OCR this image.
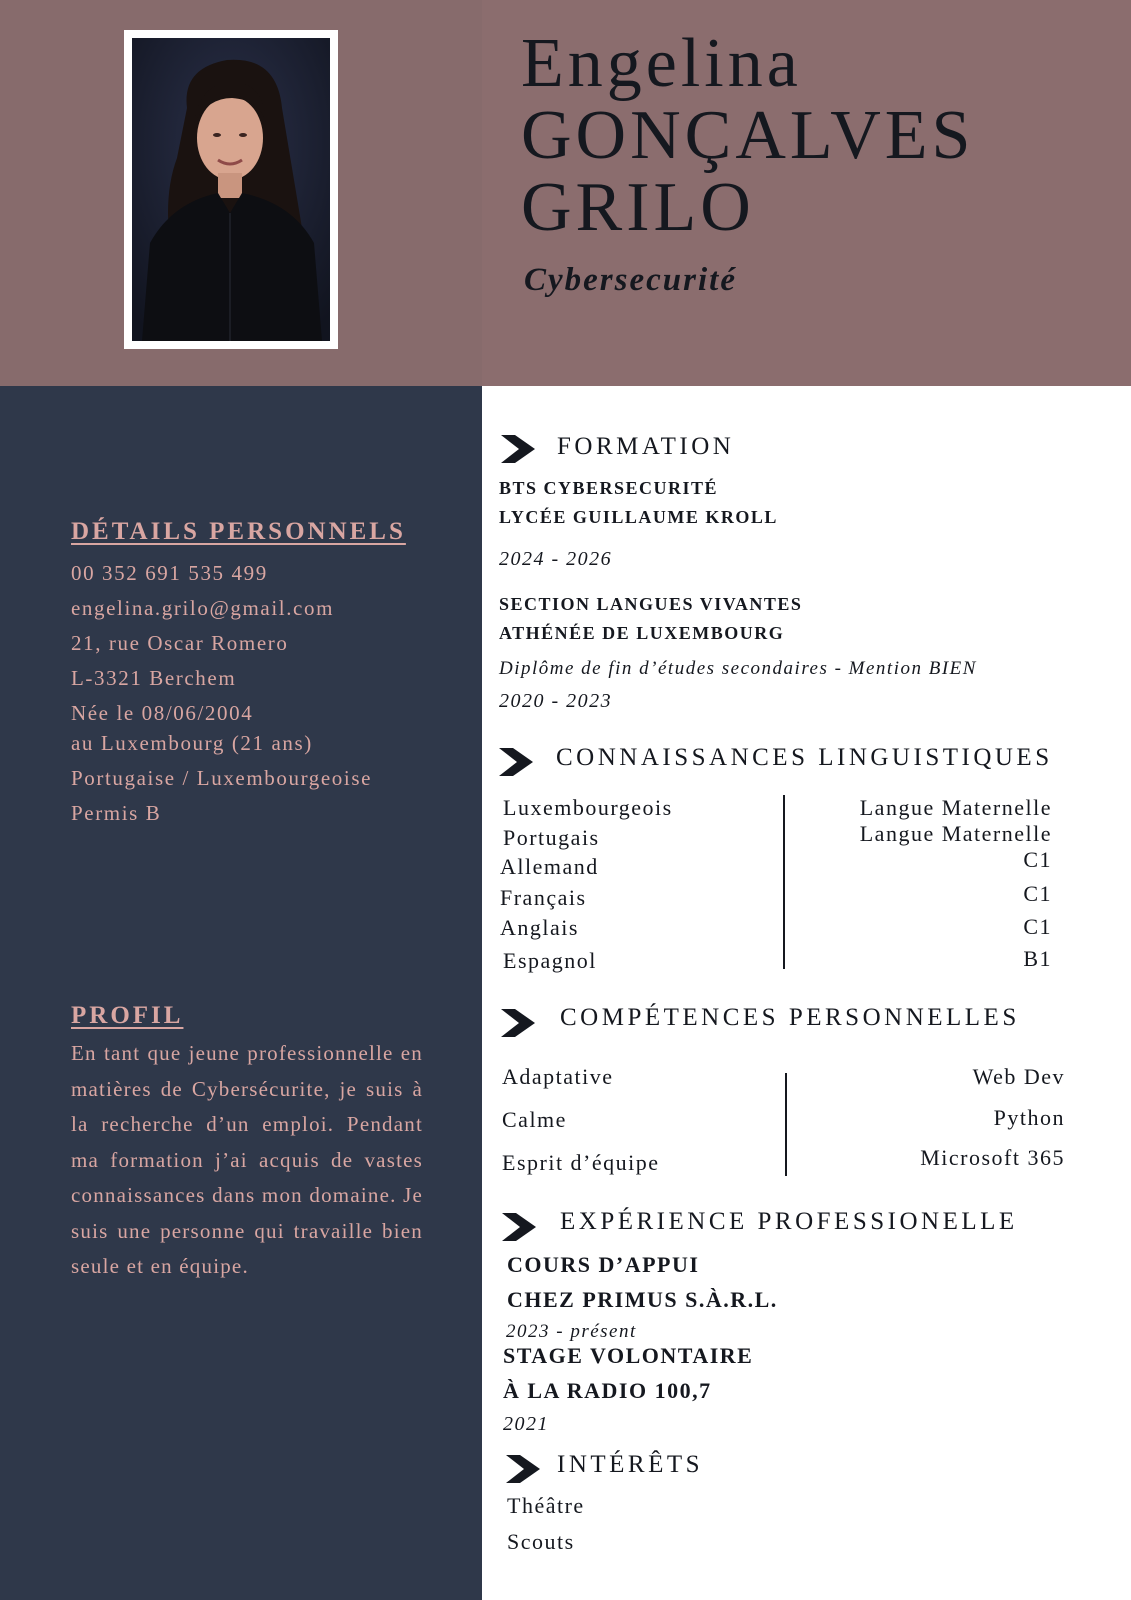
Engelina
GONÇALVES
GRILO
Cybersecurité
DÉTAILS PERSONNELS
00 352 691 535 499
engelina.grilo@gmail.com
21, rue Oscar Romero
L-3321 Berchem
Née le 08/06/2004
au Luxembourg (21 ans)
Portugaise / Luxembourgeoise
Permis B
PROFIL

En tant que jeune professionnelle en matières de Cybersécurite, je suis à la recherche d’un emploi. Pendant ma formation j’ai acquis de vastes connaissances dans mon domaine. Je suis une personne qui travaille bien seule et en équipe.

FORMATION
BTS CYBERSECURITÉ
LYCÉE GUILLAUME KROLL
2024 - 2026
SECTION LANGUES VIVANTES
ATHÉNÉE DE LUXEMBOURG
Diplôme de fin d’études secondaires - Mention BIEN
2020 - 2023
CONNAISSANCES LINGUISTIQUES
Luxembourgeois
Portugais
Allemand
Français
Anglais
Espagnol
Langue Maternelle
Langue Maternelle
C1
C1
C1
B1
COMPÉTENCES PERSONNELLES
Adaptative
Calme
Esprit d’équipe
Web Dev
Python
Microsoft 365
EXPÉRIENCE PROFESSIONELLE
COURS D’APPUI
CHEZ PRIMUS S.À.R.L.
2023 - présent
STAGE VOLONTAIRE
À LA RADIO 100,7
2021
INTÉRÊTS
Théâtre
Scouts
